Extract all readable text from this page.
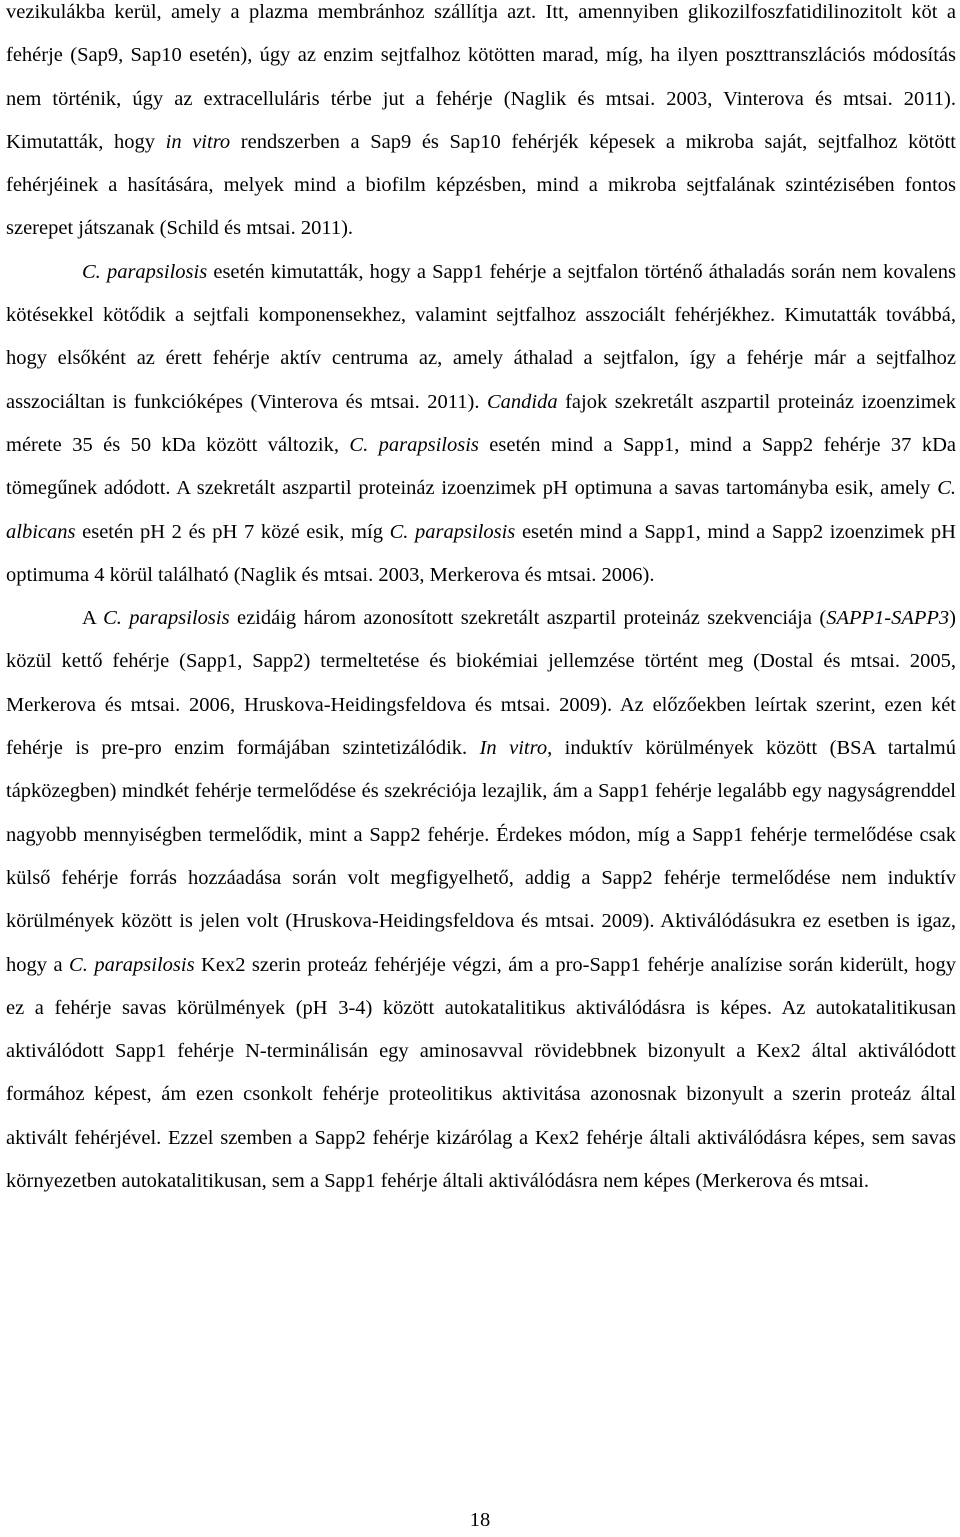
vezikulákba kerül, amely a plazma membránhoz szállítja azt. Itt, amennyiben glikozilfoszfatidilinozitolt köt a fehérje (Sap9, Sap10 esetén), úgy az enzim sejtfalhoz kötötten marad, míg, ha ilyen poszttranszlációs módosítás nem történik, úgy az extracelluláris térbe jut a fehérje (Naglik és mtsai. 2003, Vinterova és mtsai. 2011). Kimutatták, hogy in vitro rendszerben a Sap9 és Sap10 fehérjék képesek a mikroba saját, sejtfalhoz kötött fehérjéinek a hasítására, melyek mind a biofilm képzésben, mind a mikroba sejtfalának szintézisében fontos szerepet játszanak (Schild és mtsai. 2011).

C. parapsilosis esetén kimutatták, hogy a Sapp1 fehérje a sejtfalon történő áthaladás során nem kovalens kötésekkel kötődik a sejtfali komponensekhez, valamint sejtfalhoz asszociált fehérjékhez. Kimutatták továbbá, hogy elsőként az érett fehérje aktív centruma az, amely áthalad a sejtfalon, így a fehérje már a sejtfalhoz asszociáltan is funkcióképes (Vinterova és mtsai. 2011). Candida fajok szekretált aszpartil proteináz izoenzimek mérete 35 és 50 kDa között változik, C. parapsilosis esetén mind a Sapp1, mind a Sapp2 fehérje 37 kDa tömegűnek adódott. A szekretált aszpartil proteináz izoenzimek pH optimuna a savas tartományba esik, amely C. albicans esetén pH 2 és pH 7 közé esik, míg C. parapsilosis esetén mind a Sapp1, mind a Sapp2 izoenzimek pH optimuma 4 körül található (Naglik és mtsai. 2003, Merkerova és mtsai. 2006).

A C. parapsilosis ezidáig három azonosított szekretált aszpartil proteináz szekvenciája (SAPP1-SAPP3) közül kettő fehérje (Sapp1, Sapp2) termeltetése és biokémiai jellemzése történt meg (Dostal és mtsai. 2005, Merkerova és mtsai. 2006, Hruskova-Heidingsfeldova és mtsai. 2009). Az előzőekben leírtak szerint, ezen két fehérje is pre-pro enzim formájában szintetizálódik. In vitro, induktív körülmények között (BSA tartalmú tápközegben) mindkét fehérje termelődése és szekréciója lezajlik, ám a Sapp1 fehérje legalább egy nagyságrenddel nagyobb mennyiségben termelődik, mint a Sapp2 fehérje. Érdekes módon, míg a Sapp1 fehérje termelődése csak külső fehérje forrás hozzáadása során volt megfigyelhető, addig a Sapp2 fehérje termelődése nem induktív körülmények között is jelen volt (Hruskova-Heidingsfeldova és mtsai. 2009). Aktiválódásukra ez esetben is igaz, hogy a C. parapsilosis Kex2 szerin proteáz fehérjéje végzi, ám a pro-Sapp1 fehérje analízise során kiderült, hogy ez a fehérje savas körülmények (pH 3-4) között autokatalitikus aktiválódásra is képes. Az autokatalitikusan aktiválódott Sapp1 fehérje N-terminálisán egy aminosavval rövidebbnek bizonyult a Kex2 által aktiválódott formához képest, ám ezen csonkolt fehérje proteolitikus aktivitása azonosnak bizonyult a szerin proteáz által aktivált fehérjével. Ezzel szemben a Sapp2 fehérje kizárólag a Kex2 fehérje általi aktiválódásra képes, sem savas környezetben autokatalitikusan, sem a Sapp1 fehérje általi aktiválódásra nem képes (Merkerova és mtsai.

18
